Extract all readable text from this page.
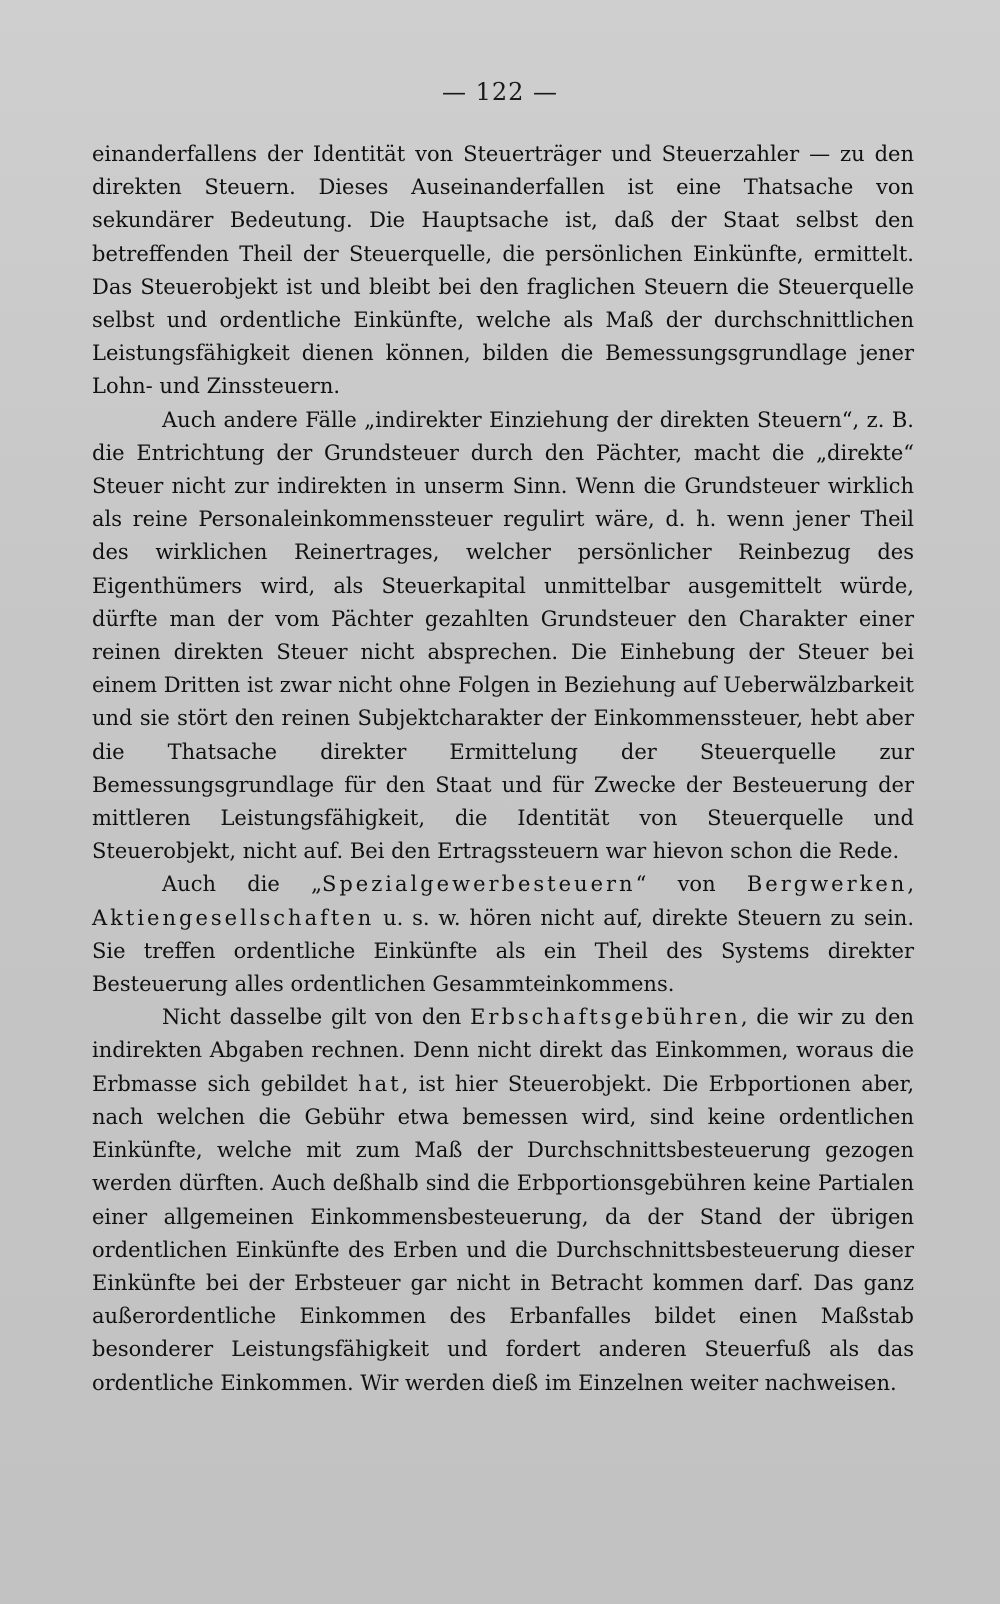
— 122 —

einanderfallens der Identität von Steuerträger und Steuerzahler — zu den direkten Steuern. Dieses Auseinanderfallen ist eine Thatsache von sekundärer Bedeutung. Die Hauptsache ist, daß der Staat selbst den betreffenden Theil der Steuerquelle, die persönlichen Einkünfte, ermittelt. Das Steuerobjekt ist und bleibt bei den fraglichen Steuern die Steuerquelle selbst und ordentliche Einkünfte, welche als Maß der durchschnittlichen Leistungsfähigkeit dienen können, bilden die Bemessungsgrundlage jener Lohn- und Zinssteuern.

Auch andere Fälle „indirekter Einziehung der direkten Steuern“, z. B. die Entrichtung der Grundsteuer durch den Pächter, macht die „direkte“ Steuer nicht zur indirekten in unserm Sinn. Wenn die Grundsteuer wirklich als reine Personaleinkommenssteuer regulirt wäre, d. h. wenn jener Theil des wirklichen Reinertrages, welcher persönlicher Reinbezug des Eigenthümers wird, als Steuerkapital unmittelbar ausgemittelt würde, dürfte man der vom Pächter gezahlten Grundsteuer den Charakter einer reinen direkten Steuer nicht absprechen. Die Einhebung der Steuer bei einem Dritten ist zwar nicht ohne Folgen in Beziehung auf Ueberwälzbarkeit und sie stört den reinen Subjektcharakter der Einkommenssteuer, hebt aber die Thatsache direkter Ermittelung der Steuerquelle zur Bemessungsgrundlage für den Staat und für Zwecke der Besteuerung der mittleren Leistungsfähigkeit, die Identität von Steuerquelle und Steuerobjekt, nicht auf. Bei den Ertragssteuern war hievon schon die Rede.

Auch die „Spezialgewerbesteuern“ von Bergwerken, Aktiengesellschaften u. s. w. hören nicht auf, direkte Steuern zu sein. Sie treffen ordentliche Einkünfte als ein Theil des Systems direkter Besteuerung alles ordentlichen Gesammteinkommens.

Nicht dasselbe gilt von den Erbschaftsgebühren, die wir zu den indirekten Abgaben rechnen. Denn nicht direkt das Einkommen, woraus die Erbmasse sich gebildet hat, ist hier Steuerobjekt. Die Erbportionen aber, nach welchen die Gebühr etwa bemessen wird, sind keine ordentlichen Einkünfte, welche mit zum Maß der Durchschnittsbesteuerung gezogen werden dürften. Auch deßhalb sind die Erbportionsgebühren keine Partialen einer allgemeinen Einkommensbesteuerung, da der Stand der übrigen ordentlichen Einkünfte des Erben und die Durchschnittsbesteuerung dieser Einkünfte bei der Erbsteuer gar nicht in Betracht kommen darf. Das ganz außerordentliche Einkommen des Erbanfalles bildet einen Maßstab besonderer Leistungsfähigkeit und fordert anderen Steuerfuß als das ordentliche Einkommen. Wir werden dieß im Einzelnen weiter nachweisen.
